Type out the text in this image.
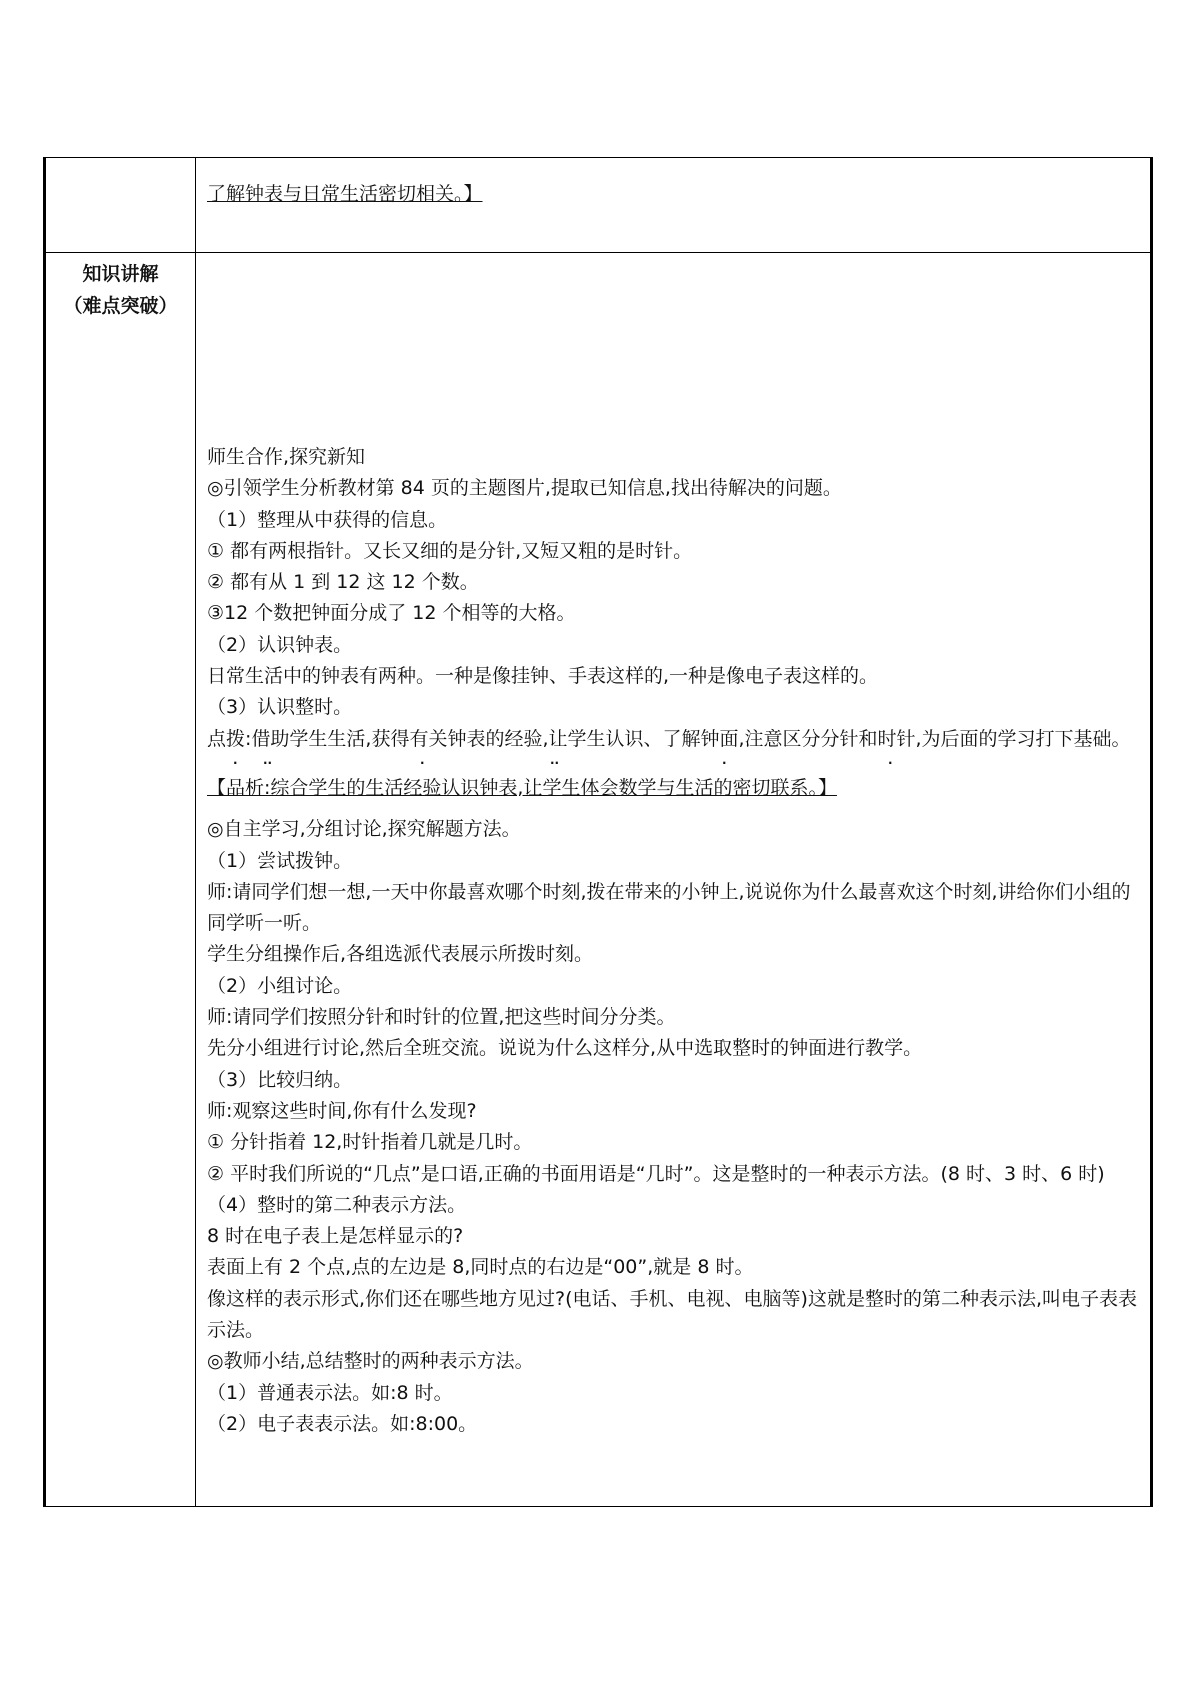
了解钟表与日常生活密切相关。】
知识讲解
（难点突破）

师生合作,探究新知

◎引领学生分析教材第 84 页的主题图片,提取已知信息,找出待解决的问题。

（1）整理从中获得的信息。

① 都有两根指针。又长又细的是分针,又短又粗的是时针。

② 都有从 1 到 12 这 12 个数。

③12 个数把钟面分成了 12 个相等的大格。

（2）认识钟表。

日常生活中的钟表有两种。一种是像挂钟、手表这样的,一种是像电子表这样的。

（3）认识整时。

点拨:借助学生生活,获得有关钟表的经验,让学生认识、了解钟面,注意区分分针和时针,为后面的学习打下基础。

· ··	·	··	·	·

【品析:综合学生的生活经验认识钟表,让学生体会数学与生活的密切联系。】

◎自主学习,分组讨论,探究解题方法。

（1）尝试拨钟。

师:请同学们想一想,一天中你最喜欢哪个时刻,拨在带来的小钟上,说说你为什么最喜欢这个时刻,讲给你们小组的同学听一听。

学生分组操作后,各组选派代表展示所拨时刻。

（2）小组讨论。

师:请同学们按照分针和时针的位置,把这些时间分分类。

先分小组进行讨论,然后全班交流。说说为什么这样分,从中选取整时的钟面进行教学。

（3）比较归纳。

师:观察这些时间,你有什么发现?

① 分针指着 12,时针指着几就是几时。

② 平时我们所说的“几点”是口语,正确的书面用语是“几时”。这是整时的一种表示方法。(8 时、3 时、6 时)

（4）整时的第二种表示方法。

8 时在电子表上是怎样显示的?

表面上有 2 个点,点的左边是 8,同时点的右边是“00”,就是 8 时。

像这样的表示形式,你们还在哪些地方见过?(电话、手机、电视、电脑等)这就是整时的第二种表示法,叫电子表表示法。

◎教师小结,总结整时的两种表示方法。

（1）普通表示法。如:8 时。

（2）电子表表示法。如:8:00。
